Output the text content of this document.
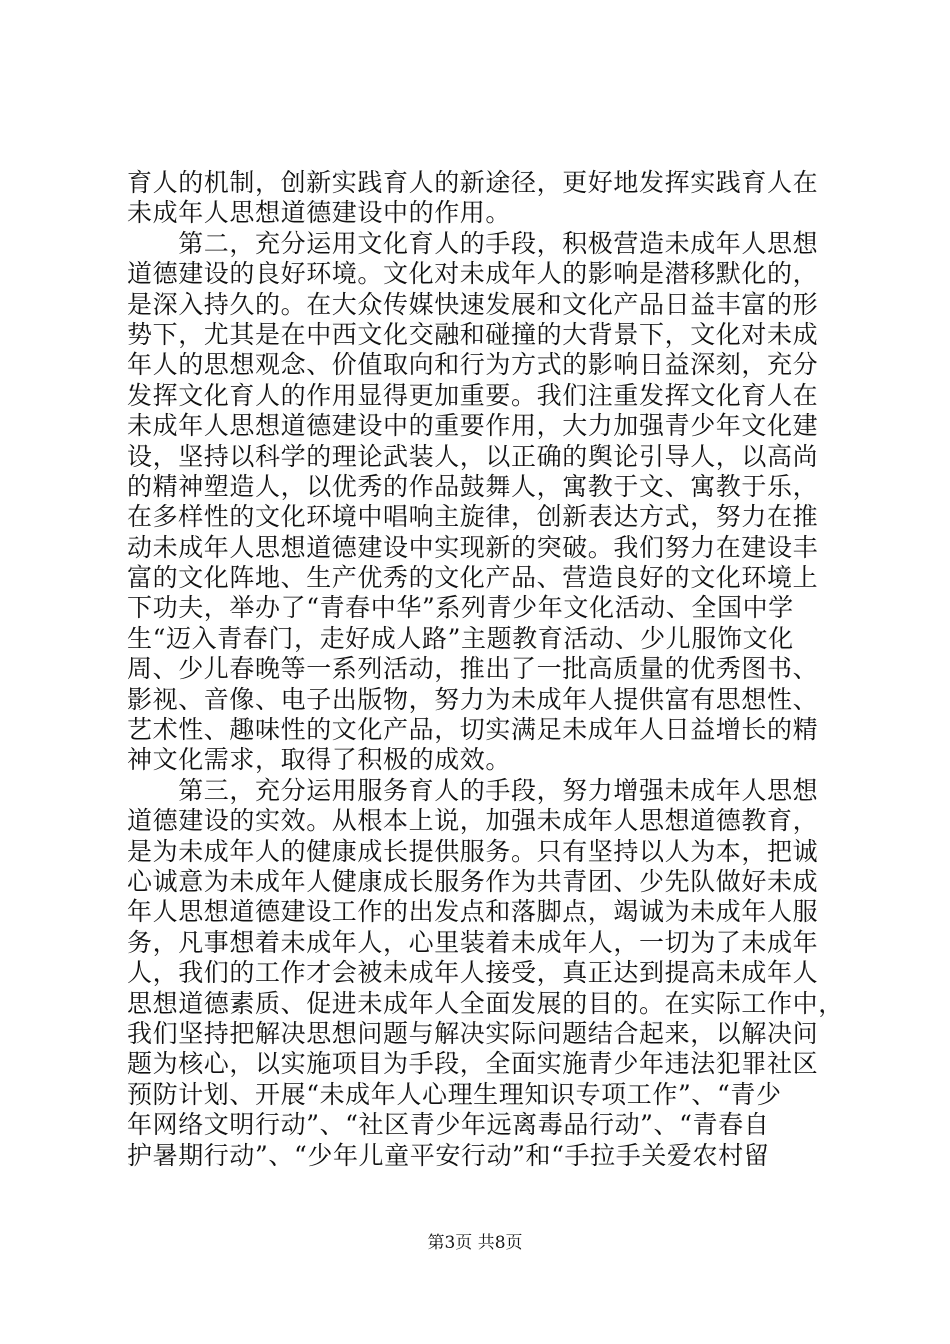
育人的机制，创新实践育人的新途径，更好地发挥实践育人在
未成年人思想道德建设中的作用。
　　第二，充分运用文化育人的手段，积极营造未成年人思想
道德建设的良好环境。文化对未成年人的影响是潜移默化的，
是深入持久的。在大众传媒快速发展和文化产品日益丰富的形
势下，尤其是在中西文化交融和碰撞的大背景下，文化对未成
年人的思想观念、价值取向和行为方式的影响日益深刻，充分
发挥文化育人的作用显得更加重要。我们注重发挥文化育人在
未成年人思想道德建设中的重要作用，大力加强青少年文化建
设，坚持以科学的理论武装人，以正确的舆论引导人，以高尚
的精神塑造人，以优秀的作品鼓舞人，寓教于文、寓教于乐，
在多样性的文化环境中唱响主旋律，创新表达方式，努力在推
动未成年人思想道德建设中实现新的突破。我们努力在建设丰
富的文化阵地、生产优秀的文化产品、营造良好的文化环境上
下功夫，举办了“青春中华”系列青少年文化活动、全国中学
生“迈入青春门，走好成人路”主题教育活动、少儿服饰文化
周、少儿春晚等一系列活动，推出了一批高质量的优秀图书、
影视、音像、电子出版物，努力为未成年人提供富有思想性、
艺术性、趣味性的文化产品，切实满足未成年人日益增长的精
神文化需求，取得了积极的成效。
　　第三，充分运用服务育人的手段，努力增强未成年人思想
道德建设的实效。从根本上说，加强未成年人思想道德教育，
是为未成年人的健康成长提供服务。只有坚持以人为本，把诚
心诚意为未成年人健康成长服务作为共青团、少先队做好未成
年人思想道德建设工作的出发点和落脚点，竭诚为未成年人服
务，凡事想着未成年人，心里装着未成年人，一切为了未成年
人，我们的工作才会被未成年人接受，真正达到提高未成年人
思想道德素质、促进未成年人全面发展的目的。在实际工作中，
我们坚持把解决思想问题与解决实际问题结合起来，以解决问
题为核心，以实施项目为手段，全面实施青少年违法犯罪社区
预防计划、开展“未成年人心理生理知识专项工作”、“青少
年网络文明行动”、“社区青少年远离毒品行动”、“青春自
护暑期行动”、“少年儿童平安行动”和“手拉手关爱农村留
第3页 共8页
